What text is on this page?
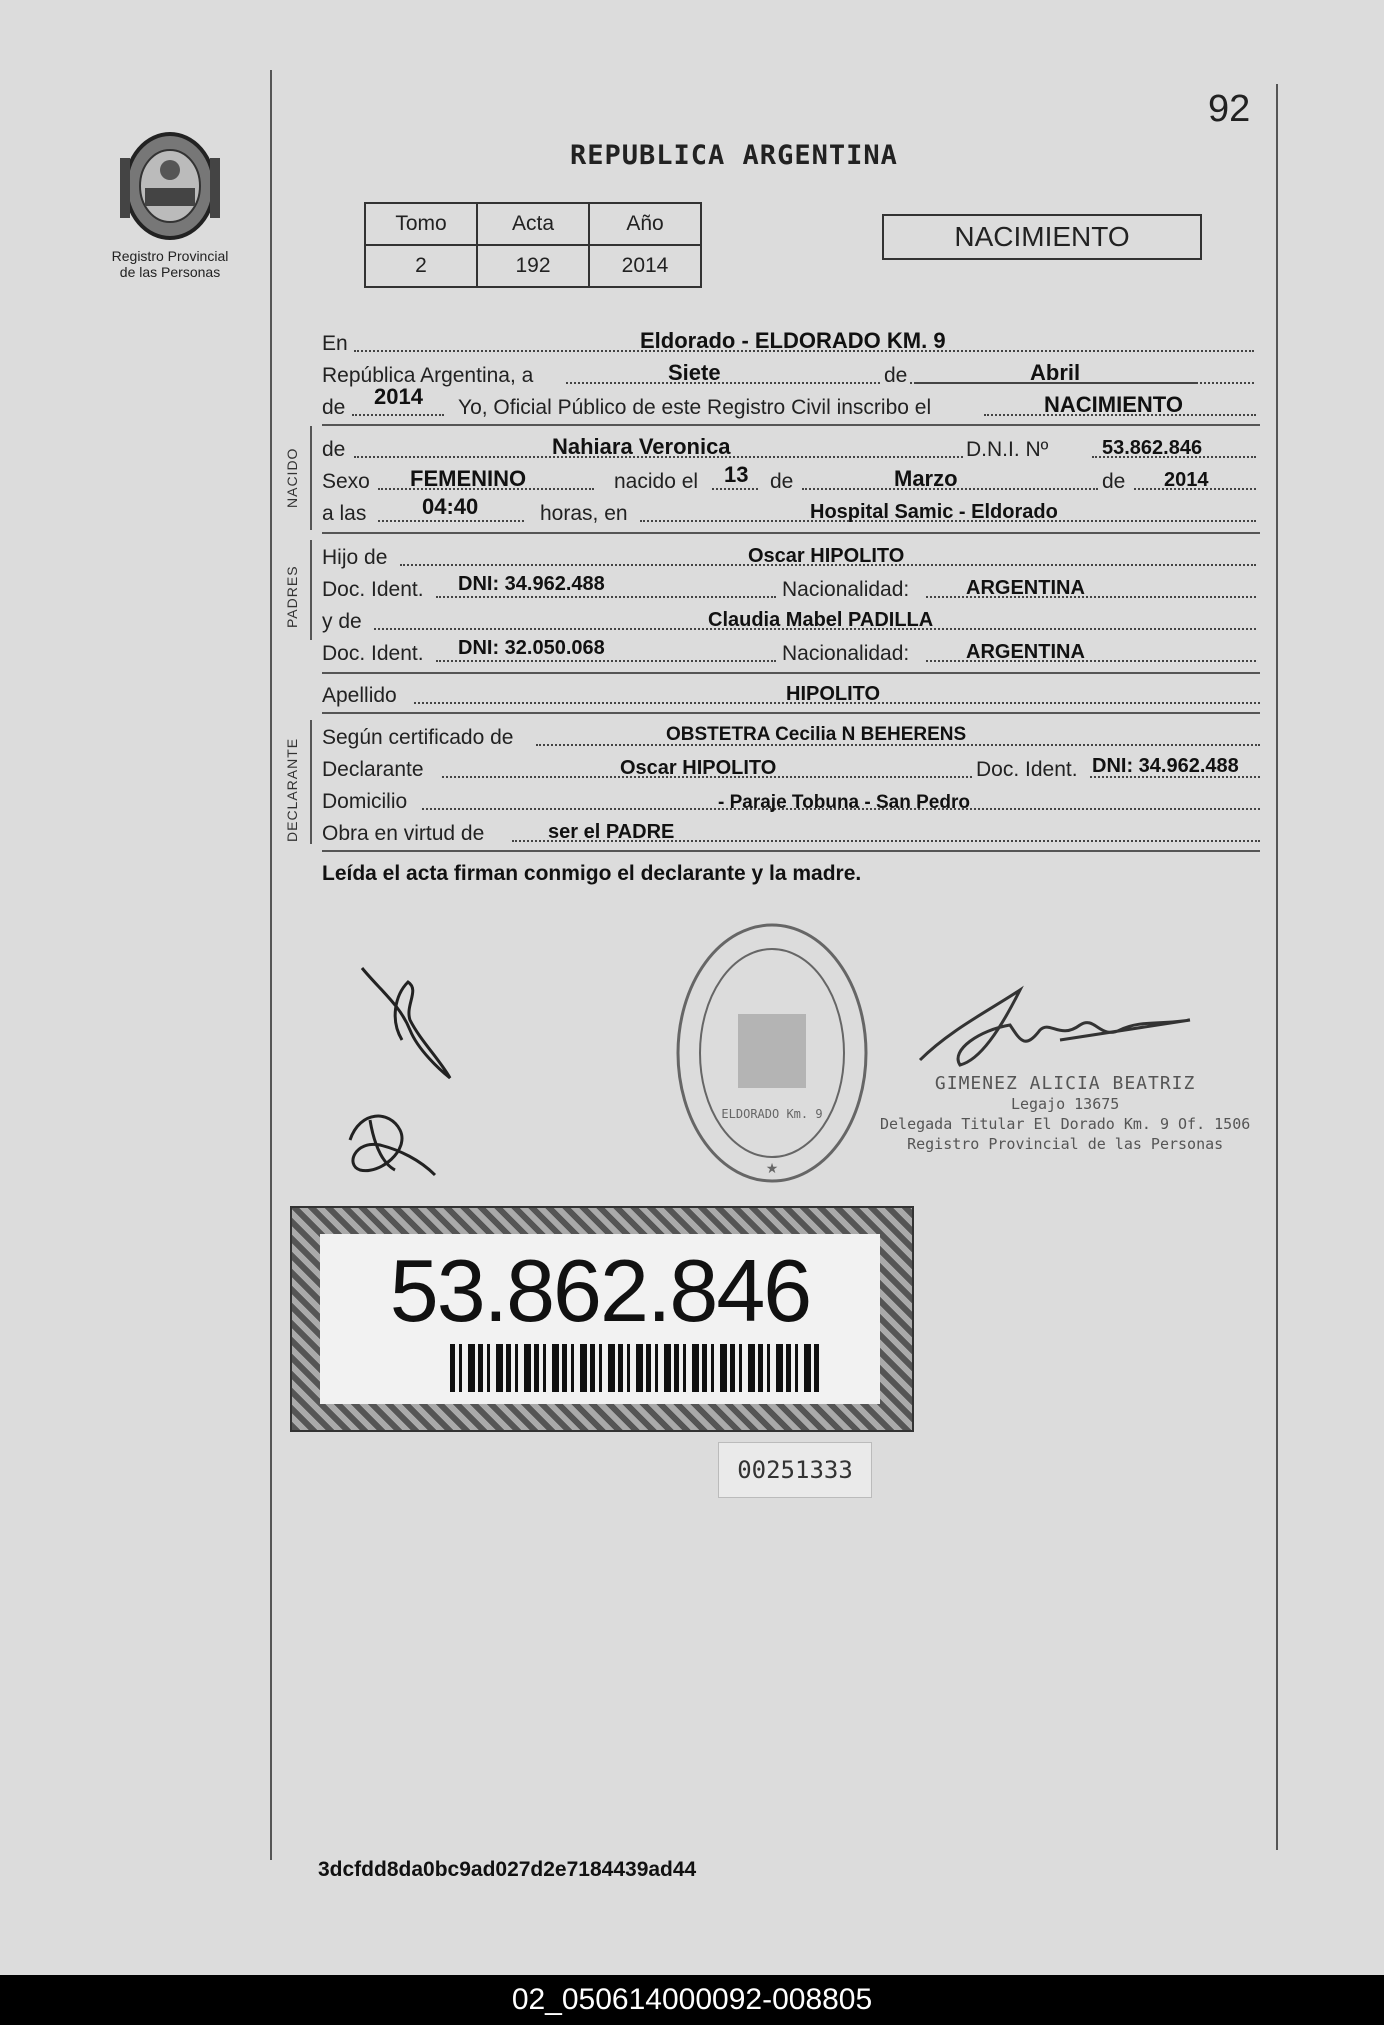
Registro Provincial
de las Personas
92
REPUBLICA ARGENTINA
Tomo	Acta	Año
2	192	2014
NACIMIENTO
En	Eldorado - ELDORADO KM. 9
República Argentina, a	Siete	de	Abril
de 2014 Yo, Oficial Público de este Registro Civil inscribo el	NACIMIENTO
NACIDO de	Nahiara Veronica	D.N.I. Nº	53.862.846
Sexo FEMENINO	nacido el 13 de	Marzo	de 2014
a las	04:40	horas, en	Hospital Samic - Eldorado
PADRES
Hijo de	Oscar HIPOLITO
Doc. Ident. DNI: 34.962.488	Nacionalidad:	ARGENTINA
y de	Claudia Mabel PADILLA
Doc. Ident. DNI: 32.050.068	Nacionalidad:	ARGENTINA
Apellido	HIPOLITO
DECLARANTE
Según certificado de	OBSTETRA Cecilia N BEHERENS
Declarante	Oscar HIPOLITO	Doc. Ident. DNI: 34.962.488
Domicilio	- Paraje Tobuna - San Pedro
Obra en virtud de	ser el PADRE
Leída el acta firman conmigo el declarante y la madre.
ELDORADO Km. 9
★
GIMENEZ ALICIA BEATRIZ
Legajo 13675
Delegada Titular El Dorado Km. 9 Of. 1506
Registro Provincial de las Personas
53.862.846
00251333
3dcfdd8da0bc9ad027d2e7184439ad44
02_050614000092-008805
